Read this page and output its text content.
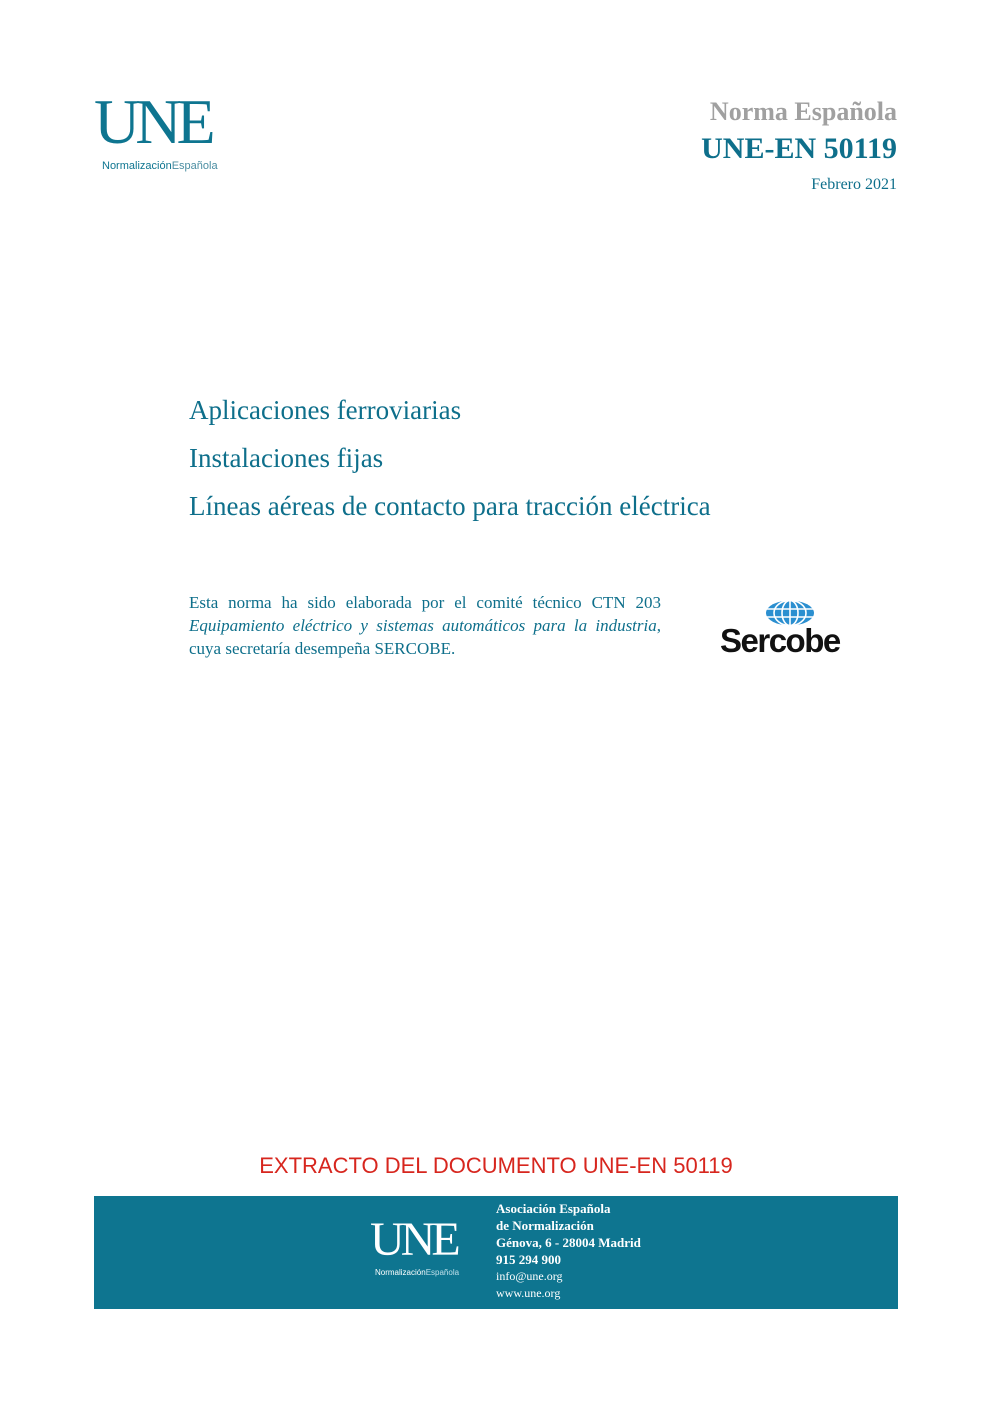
UNE
NormalizaciónEspañola
Norma Española
UNE-EN 50119
Febrero 2021
Aplicaciones ferroviarias
Instalaciones fijas
Líneas aéreas de contacto para tracción eléctrica
Esta norma ha sido elaborada por el comité técnico CTN 203 Equipamiento eléctrico y sistemas automáticos para la industria, cuya secretaría desempeña SERCOBE.	Sercobe
EXTRACTO DEL DOCUMENTO UNE-EN 50119
UNE
NormalizaciónEspañola
Asociación Española
de Normalización
Génova, 6 - 28004 Madrid
915 294 900
info@une.org
www.une.org
